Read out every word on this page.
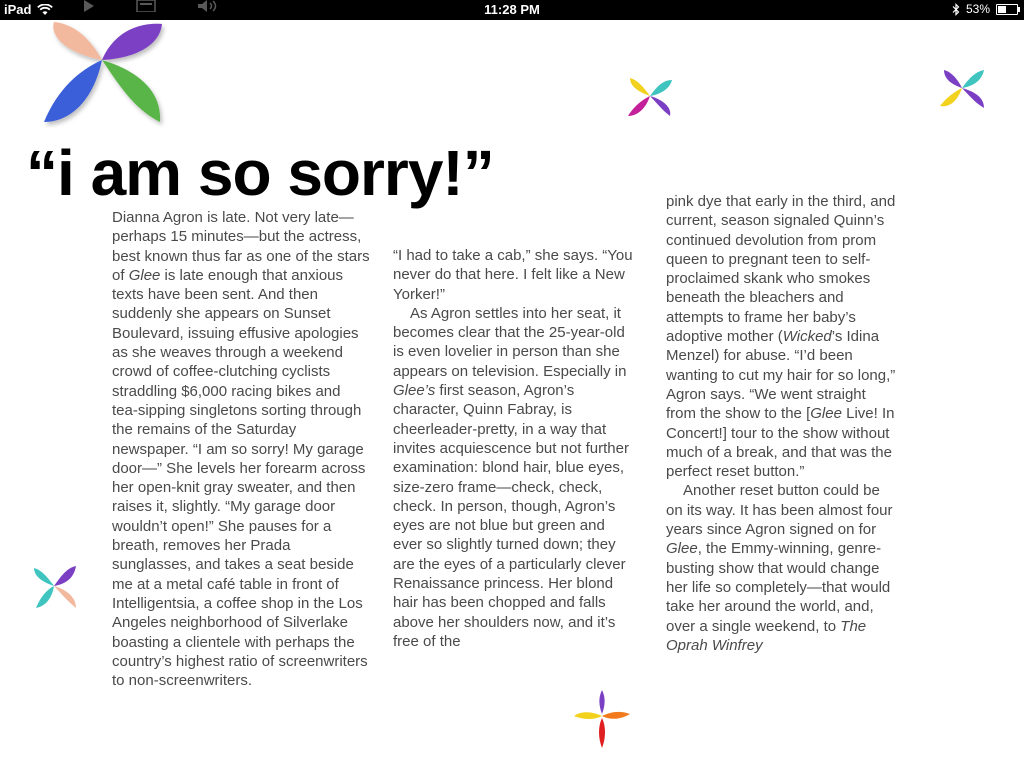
iPad	11:28 PM	53%
“i am so sorry!”

Dianna Agron is late. Not very late—perhaps 15 minutes—but the actress, best known thus far as one of the stars of Glee is late enough that anxious texts have been sent. And then suddenly she appears on Sunset Boulevard, issuing effusive apologies as she weaves through a weekend crowd of coffee-clutching cyclists straddling $6,000 racing bikes and tea-sipping singletons sorting through the remains of the Saturday newspaper. “I am so sorry! My garage door—” She levels her forearm across her open-knit gray sweater, and then raises it, slightly. “My garage door wouldn’t open!” She pauses for a breath, removes her Prada sunglasses, and takes a seat beside me at a metal café table in front of Intelligentsia, a coffee shop in the Los Angeles neighborhood of Silverlake boasting a clientele with perhaps the country’s highest ratio of screenwriters to non-screenwriters.

“I had to take a cab,” she says. “You never do that here. I felt like a New Yorker!”

As Agron settles into her seat, it becomes clear that the 25-year-old is even lovelier in person than she appears on television. Especially in Glee’s first season, Agron’s character, Quinn Fabray, is cheerleader-pretty, in a way that invites acquiescence but not further examination: blond hair, blue eyes, size-zero frame—check, check, check. In person, though, Agron’s eyes are not blue but green and ever so slightly turned down; they are the eyes of a particularly clever Renaissance princess. Her blond hair has been chopped and falls above her shoulders now, and it’s free of the

pink dye that early in the third, and current, season signaled Quinn’s continued devolution from prom queen to pregnant teen to self-proclaimed skank who smokes beneath the bleachers and attempts to frame her baby’s adoptive mother (Wicked’s Idina Menzel) for abuse. “I’d been wanting to cut my hair for so long,” Agron says. “We went straight from the show to the [Glee Live! In Concert!] tour to the show without much of a break, and that was the perfect reset button.”

Another reset button could be on its way. It has been almost four years since Agron signed on for Glee, the Emmy-winning, genre-busting show that would change her life so completely—that would take her around the world, and, over a single weekend, to The Oprah Winfrey
